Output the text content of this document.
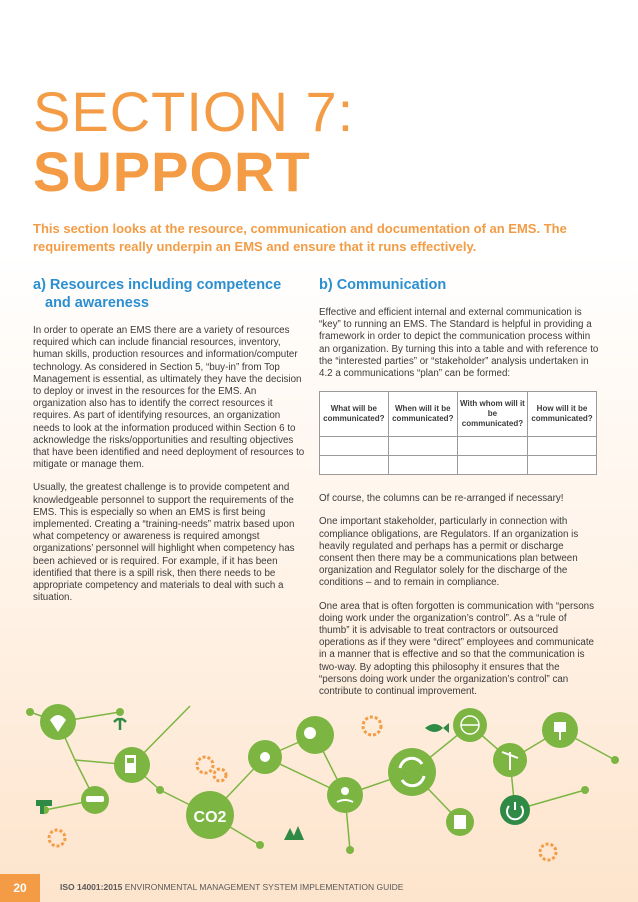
SECTION 7:
SUPPORT
This section looks at the resource, communication and documentation of an EMS. The requirements really underpin an EMS and ensure that it runs effectively.
a) Resources including competence and awareness

In order to operate an EMS there are a variety of resources required which can include financial resources, inventory, human skills, production resources and information/computer technology. As considered in Section 5, “buy-in” from Top Management is essential, as ultimately they have the decision to deploy or invest in the resources for the EMS. An organization also has to identify the correct resources it requires. As part of identifying resources, an organization needs to look at the information produced within Section 6 to acknowledge the risks/opportunities and resulting objectives that have been identified and need deployment of resources to mitigate or manage them.

Usually, the greatest challenge is to provide competent and knowledgeable personnel to support the requirements of the EMS. This is especially so when an EMS is first being implemented. Creating a “training-needs” matrix based upon what competency or awareness is required amongst organizations’ personnel will highlight when competency has been achieved or is required. For example, if it has been identified that there is a spill risk, then there needs to be appropriate competency and materials to deal with such a situation.

b) Communication

Effective and efficient internal and external communication is “key” to running an EMS. The Standard is helpful in providing a framework in order to depict the communication process within an organization. By turning this into a table and with reference to the “interested parties” or “stakeholder” analysis undertaken in 4.2 a communications “plan” can be formed:

What will be communicated?	When will it be communicated?	With whom will it be communicated?	How will it be communicated?

Of course, the columns can be re-arranged if necessary!

One important stakeholder, particularly in connection with compliance obligations, are Regulators. If an organization is heavily regulated and perhaps has a permit or discharge consent then there may be a communications plan between organization and Regulator solely for the discharge of the conditions – and to remain in compliance.

One area that is often forgotten is communication with “persons doing work under the organization’s control”. As a “rule of thumb” it is advisable to treat contractors or outsourced operations as if they were “direct” employees and communicate in a manner that is effective and so that the communication is two-way. By adopting this philosophy it ensures that the “persons doing work under the organization’s control” can contribute to continual improvement.

CO2
20	ISO 14001:2015 ENVIRONMENTAL MANAGEMENT SYSTEM IMPLEMENTATION GUIDE
